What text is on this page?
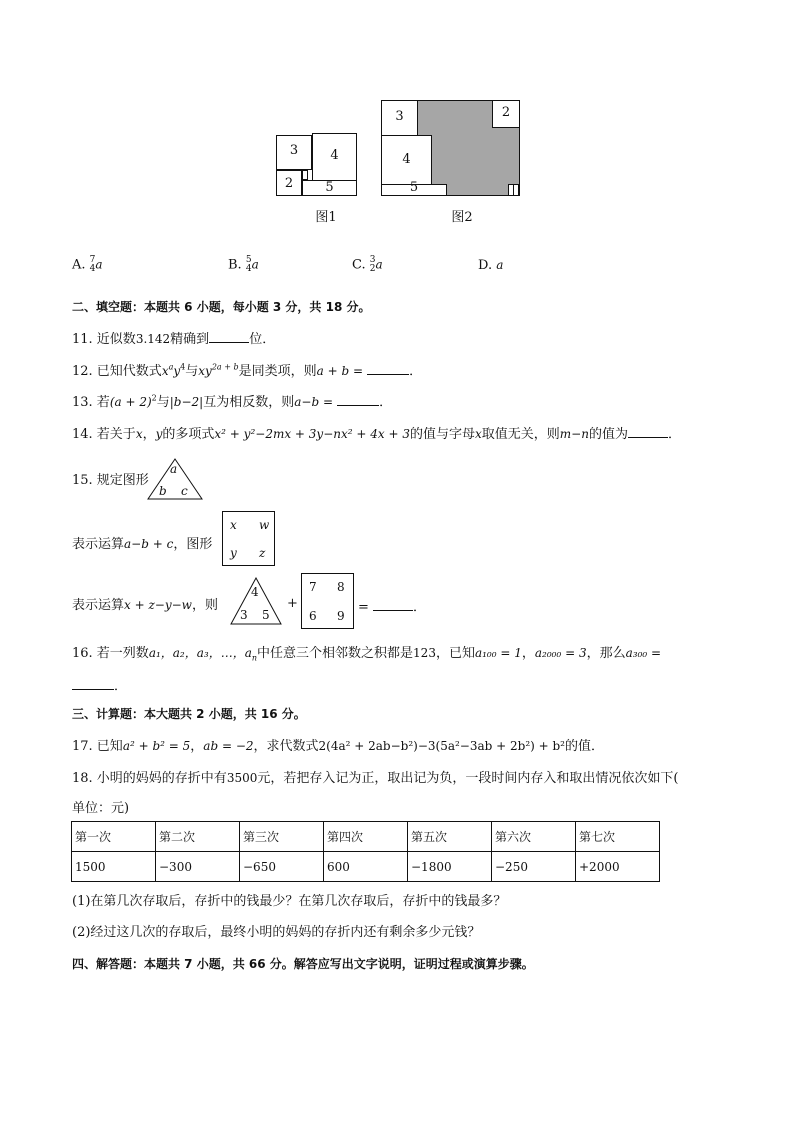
3	4
2	5
图1
3	2
4
5
图2
A. 7
4 a	B. 5
4 a	C. 3
2 a	D. a
二、填空题：本题共 6 小题，每小题 3 分，共 18 分。
11. 近似数3.142精确到	位．
12. 已知代数式$x^ay^4$与$xy^{2a + b}$是同类项，则a + b =	．
13. 若$(a + 2)^2$与|b−2|互为相反数，则a−b =	．
14. 若关于x，y的多项式x² + y²−2mx + 3y−nx² + 4x + 3的值与字母x取值无关，则m−n的值为	．
15. 规定图形
a
b c
表示运算a−b + c，图形
x w
y z
表示运算x + z−y−w，则
4
3 5
+
7 8
6 9
=	．
16. 若一列数a₁，a₂，a₃，…，$a_n$中任意三个相邻数之积都是123，已知a₁₀₀ = 1，a₂₀₀₀ = 3，那么a₃₀₀ =
．
三、计算题：本大题共 2 小题，共 16 分。
17. 已知a² + b² = 5，ab = −2，求代数式2(4a² + 2ab−b²)−3(5a²−3ab + 2b²) + b²的值．
18. 小明的妈妈的存折中有3500元，若把存入记为正，取出记为负，一段时间内存入和取出情况依次如下(
单位：元)
第一次	第二次	第三次	第四次	第五次	第六次	第七次
1500	−300	−650	600	−1800	−250	+2000
(1)在第几次存取后，存折中的钱最少？在第几次存取后，存折中的钱最多？
(2)经过这几次的存取后，最终小明的妈妈的存折内还有剩余多少元钱？
四、解答题：本题共 7 小题，共 66 分。解答应写出文字说明，证明过程或演算步骤。
